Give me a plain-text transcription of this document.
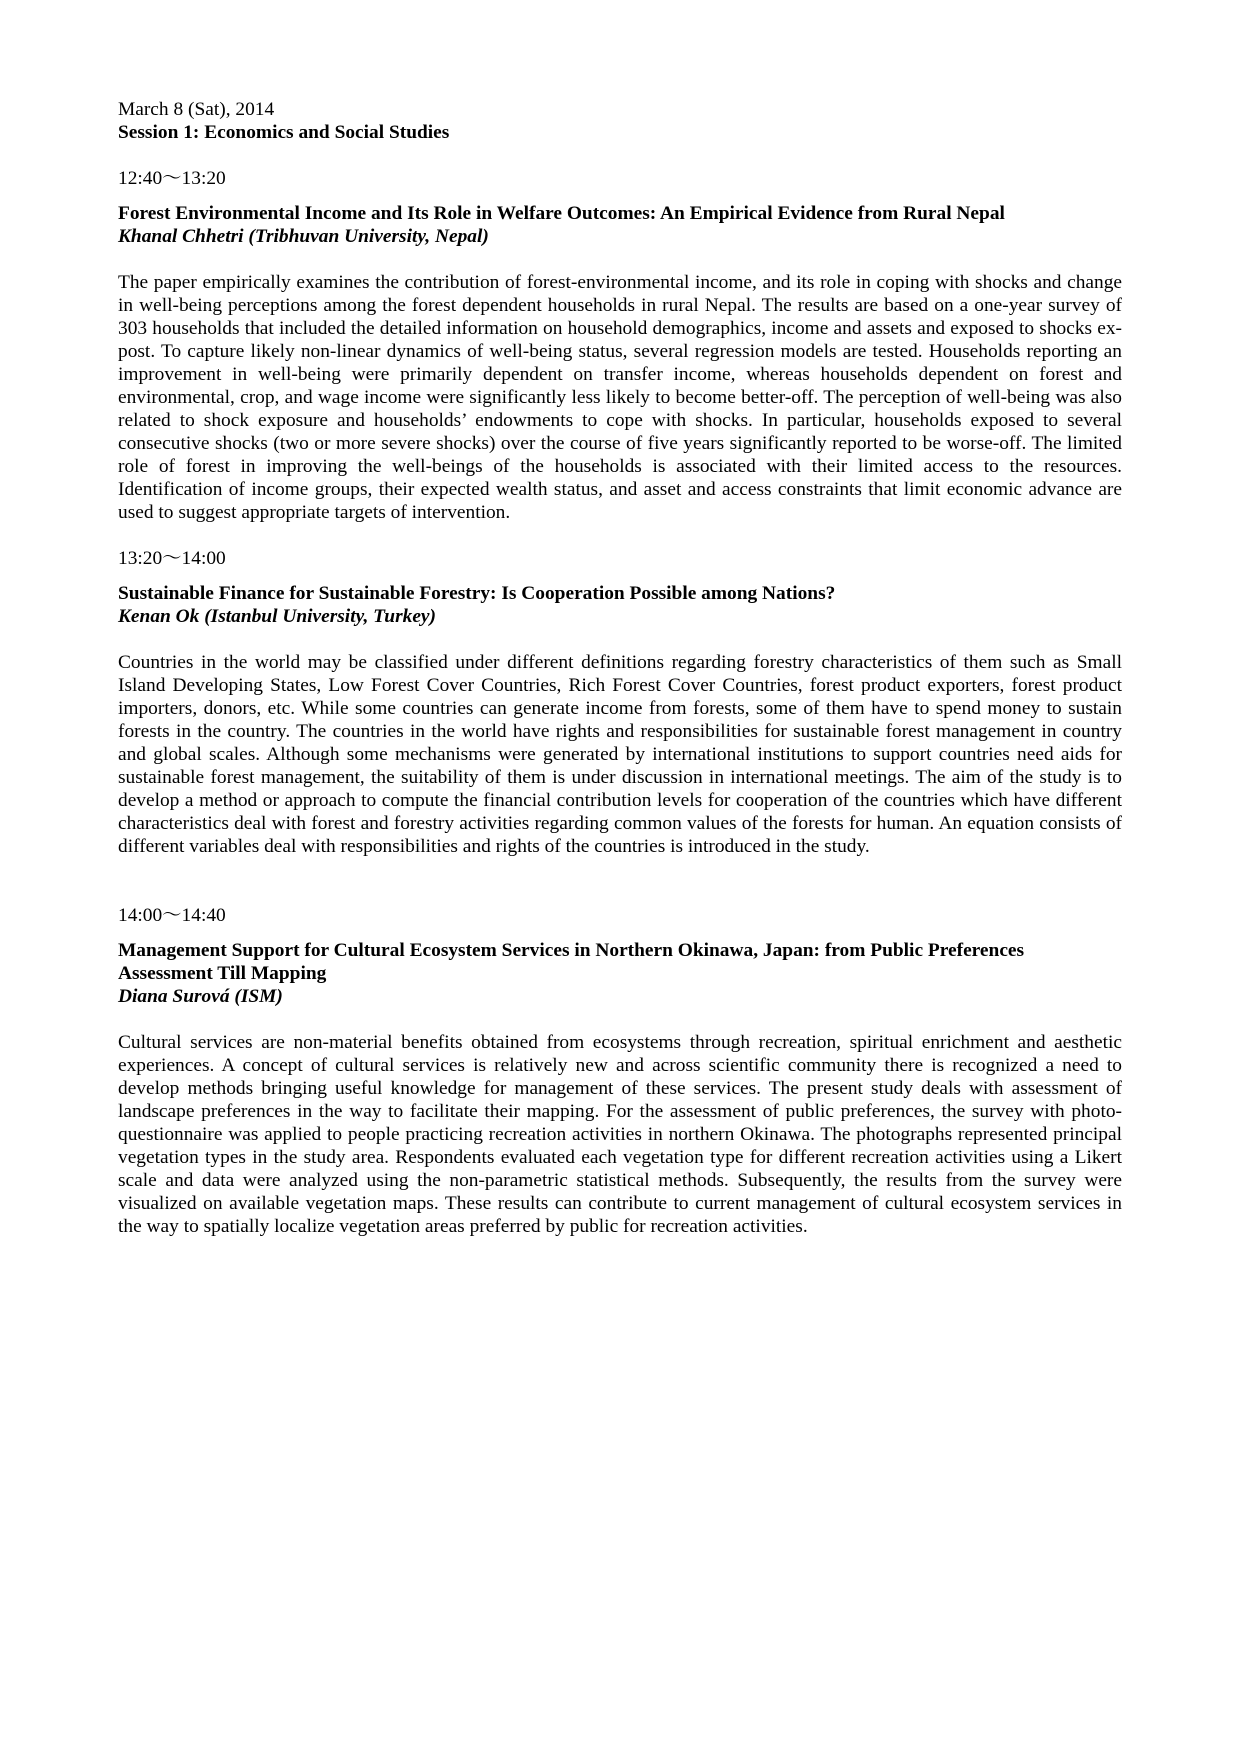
March 8 (Sat), 2014
Session 1: Economics and Social Studies
12:40〜13:20
Forest Environmental Income and Its Role in Welfare Outcomes: An Empirical Evidence from Rural Nepal
Khanal Chhetri (Tribhuvan University, Nepal)

The paper empirically examines the contribution of forest-environmental income, and its role in coping with shocks and change in well-being perceptions among the forest dependent households in rural Nepal. The results are based on a one-year survey of 303 households that included the detailed information on household demographics, income and assets and exposed to shocks ex-post. To capture likely non-linear dynamics of well-being status, several regression models are tested. Households reporting an improvement in well-being were primarily dependent on transfer income, whereas households dependent on forest and environmental, crop, and wage income were significantly less likely to become better-off. The perception of well-being was also related to shock exposure and households’ endowments to cope with shocks. In particular, households exposed to several consecutive shocks (two or more severe shocks) over the course of five years significantly reported to be worse-off. The limited role of forest in improving the well-beings of the households is associated with their limited access to the resources. Identification of income groups, their expected wealth status, and asset and access constraints that limit economic advance are used to suggest appropriate targets of intervention.

13:20〜14:00
Sustainable Finance for Sustainable Forestry: Is Cooperation Possible among Nations?
Kenan Ok (Istanbul University, Turkey)

Countries in the world may be classified under different definitions regarding forestry characteristics of them such as Small Island Developing States, Low Forest Cover Countries, Rich Forest Cover Countries, forest product exporters, forest product importers, donors, etc. While some countries can generate income from forests, some of them have to spend money to sustain forests in the country. The countries in the world have rights and responsibilities for sustainable forest management in country and global scales. Although some mechanisms were generated by international institutions to support countries need aids for sustainable forest management, the suitability of them is under discussion in international meetings. The aim of the study is to develop a method or approach to compute the financial contribution levels for cooperation of the countries which have different characteristics deal with forest and forestry activities regarding common values of the forests for human. An equation consists of different variables deal with responsibilities and rights of the countries is introduced in the study.

14:00〜14:40
Management Support for Cultural Ecosystem Services in Northern Okinawa, Japan: from Public Preferences Assessment Till Mapping
Diana Surová (ISM)

Cultural services are non-material benefits obtained from ecosystems through recreation, spiritual enrichment and aesthetic experiences. A concept of cultural services is relatively new and across scientific community there is recognized a need to develop methods bringing useful knowledge for management of these services. The present study deals with assessment of landscape preferences in the way to facilitate their mapping. For the assessment of public preferences, the survey with photo-questionnaire was applied to people practicing recreation activities in northern Okinawa. The photographs represented principal vegetation types in the study area. Respondents evaluated each vegetation type for different recreation activities using a Likert scale and data were analyzed using the non-parametric statistical methods. Subsequently, the results from the survey were visualized on available vegetation maps. These results can contribute to current management of cultural ecosystem services in the way to spatially localize vegetation areas preferred by public for recreation activities.
